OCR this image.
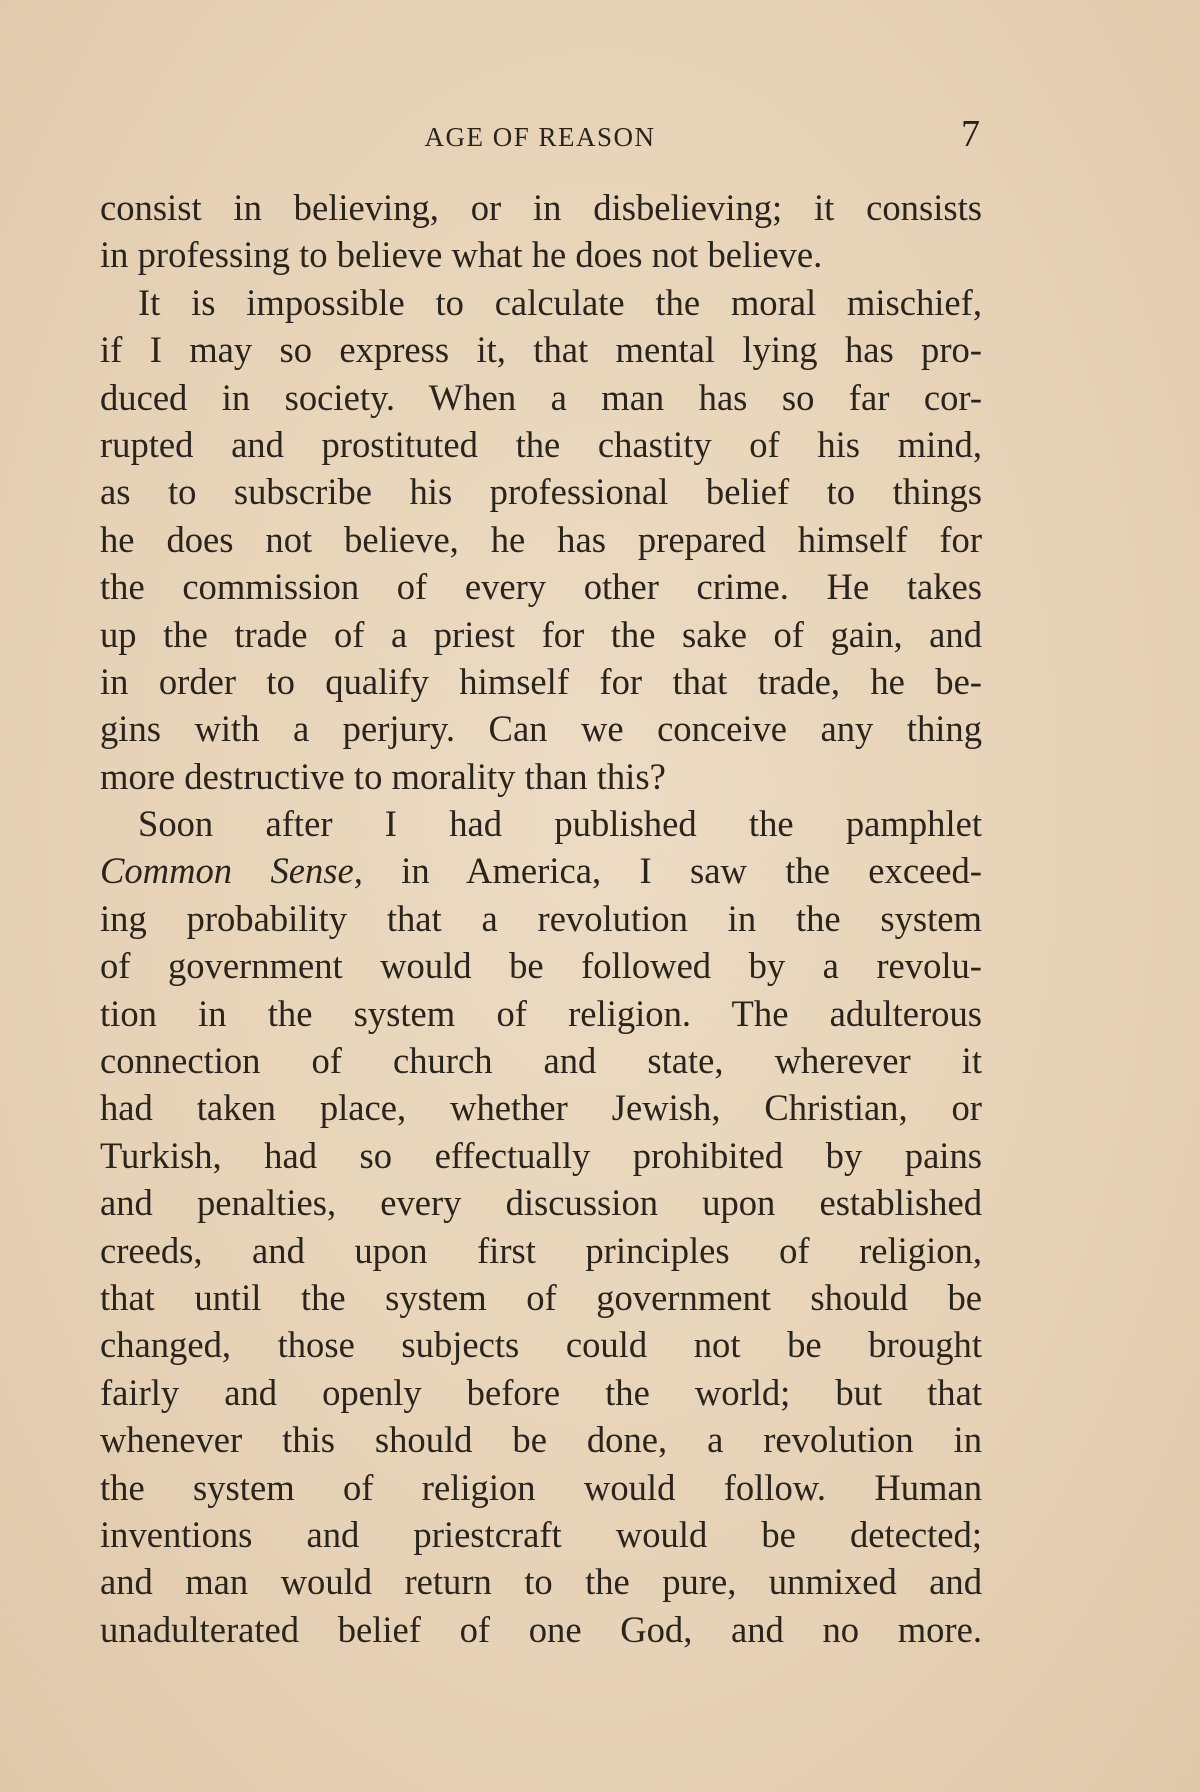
AGE OF REASON	7
consist in believing, or in disbelieving; it consists
in professing to believe what he does not believe.
It is impossible to calculate the moral mischief,
if I may so express it, that mental lying has pro-
duced in society. When a man has so far cor-
rupted and prostituted the chastity of his mind,
as to subscribe his professional belief to things
he does not believe, he has prepared himself for
the commission of every other crime. He takes
up the trade of a priest for the sake of gain, and
in order to qualify himself for that trade, he be-
gins with a perjury. Can we conceive any thing
more destructive to morality than this?
Soon after I had published the pamphlet
Common Sense, in America, I saw the exceed-
ing probability that a revolution in the system
of government would be followed by a revolu-
tion in the system of religion. The adulterous
connection of church and state, wherever it
had taken place, whether Jewish, Christian, or
Turkish, had so effectually prohibited by pains
and penalties, every discussion upon established
creeds, and upon first principles of religion,
that until the system of government should be
changed, those subjects could not be brought
fairly and openly before the world; but that
whenever this should be done, a revolution in
the system of religion would follow. Human
inventions and priestcraft would be detected;
and man would return to the pure, unmixed and
unadulterated belief of one God, and no more.
